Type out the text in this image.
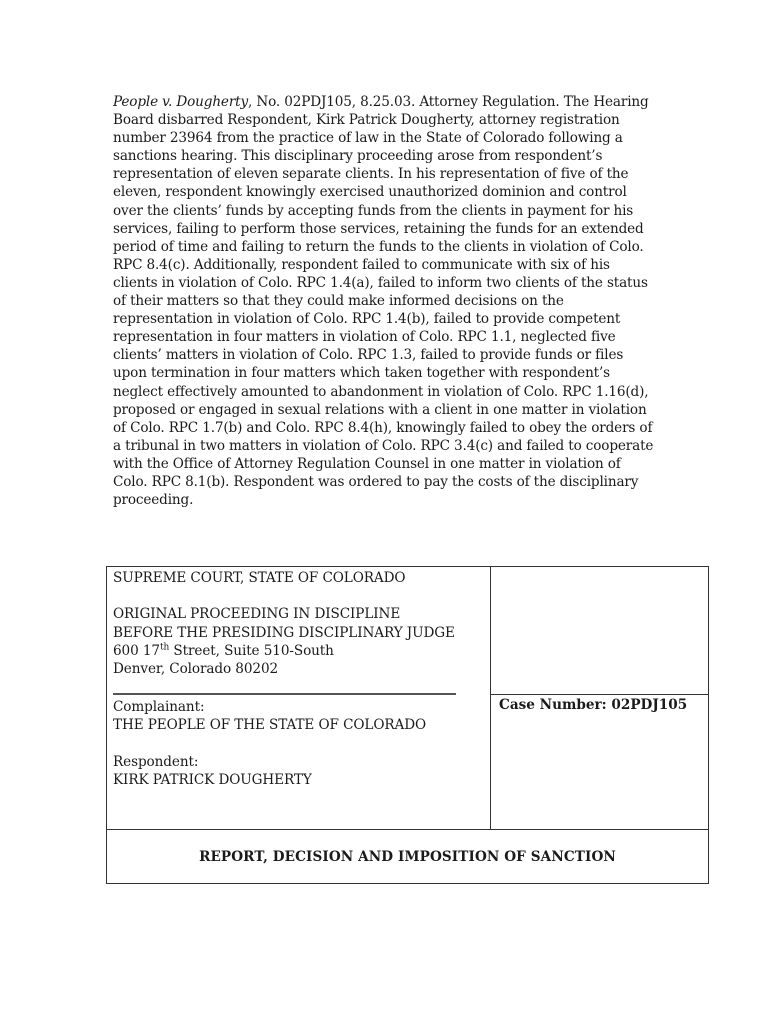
People v. Dougherty, No. 02PDJ105, 8.25.03. Attorney Regulation. The Hearing Board disbarred Respondent, Kirk Patrick Dougherty, attorney registration number 23964 from the practice of law in the State of Colorado following a sanctions hearing. This disciplinary proceeding arose from respondent’s representation of eleven separate clients. In his representation of five of the eleven, respondent knowingly exercised unauthorized dominion and control over the clients’ funds by accepting funds from the clients in payment for his services, failing to perform those services, retaining the funds for an extended period of time and failing to return the funds to the clients in violation of Colo. RPC 8.4(c). Additionally, respondent failed to communicate with six of his clients in violation of Colo. RPC 1.4(a), failed to inform two clients of the status of their matters so that they could make informed decisions on the representation in violation of Colo. RPC 1.4(b), failed to provide competent representation in four matters in violation of Colo. RPC 1.1, neglected five clients’ matters in violation of Colo. RPC 1.3, failed to provide funds or files upon termination in four matters which taken together with respondent’s neglect effectively amounted to abandonment in violation of Colo. RPC 1.16(d), proposed or engaged in sexual relations with a client in one matter in violation of Colo. RPC 1.7(b) and Colo. RPC 8.4(h), knowingly failed to obey the orders of a tribunal in two matters in violation of Colo. RPC 3.4(c) and failed to cooperate with the Office of Attorney Regulation Counsel in one matter in violation of Colo. RPC 8.1(b). Respondent was ordered to pay the costs of the disciplinary proceeding.
SUPREME COURT, STATE OF COLORADO
ORIGINAL PROCEEDING IN DISCIPLINE
BEFORE THE PRESIDING DISCIPLINARY JUDGE
600 17th Street, Suite 510-South
Denver, Colorado 80202
Complainant:
THE PEOPLE OF THE STATE OF COLORADO
Respondent:
KIRK PATRICK DOUGHERTY
Case Number: 02PDJ105
REPORT, DECISION AND IMPOSITION OF SANCTION
